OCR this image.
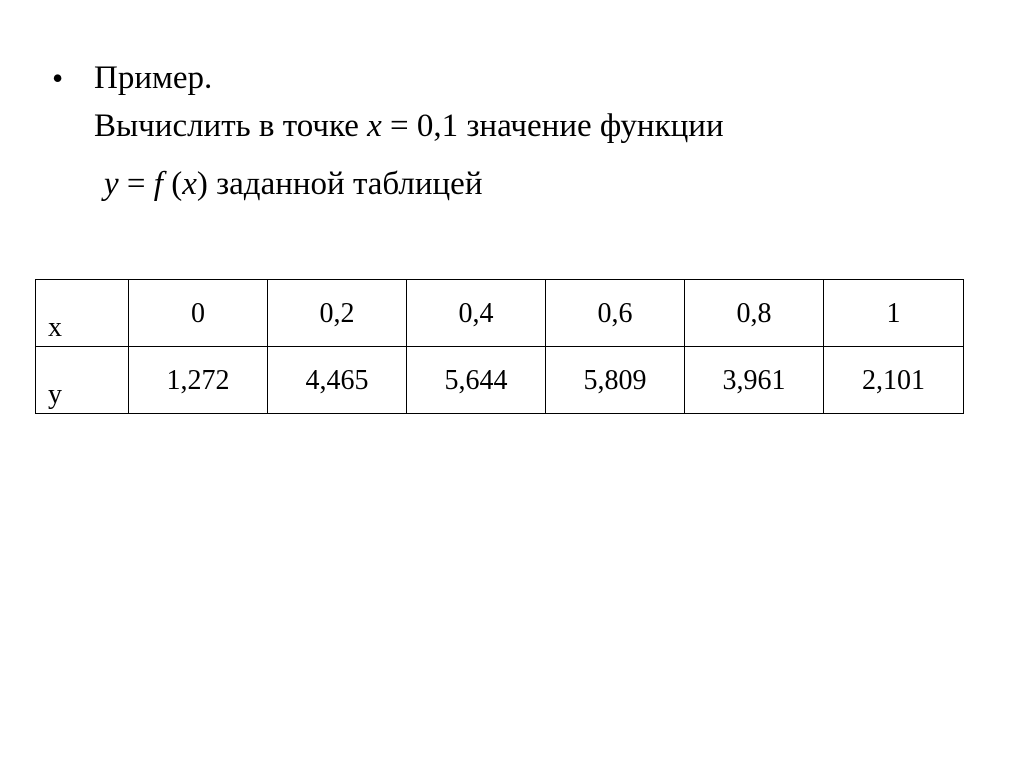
• Пример.
Вычислить в точке x = 0,1 значение функции
y = f (x) заданной таблицей
x	0	0,2	0,4	0,6	0,8	1

y	1,272	4,465	5,644	5,809	3,961	2,101
